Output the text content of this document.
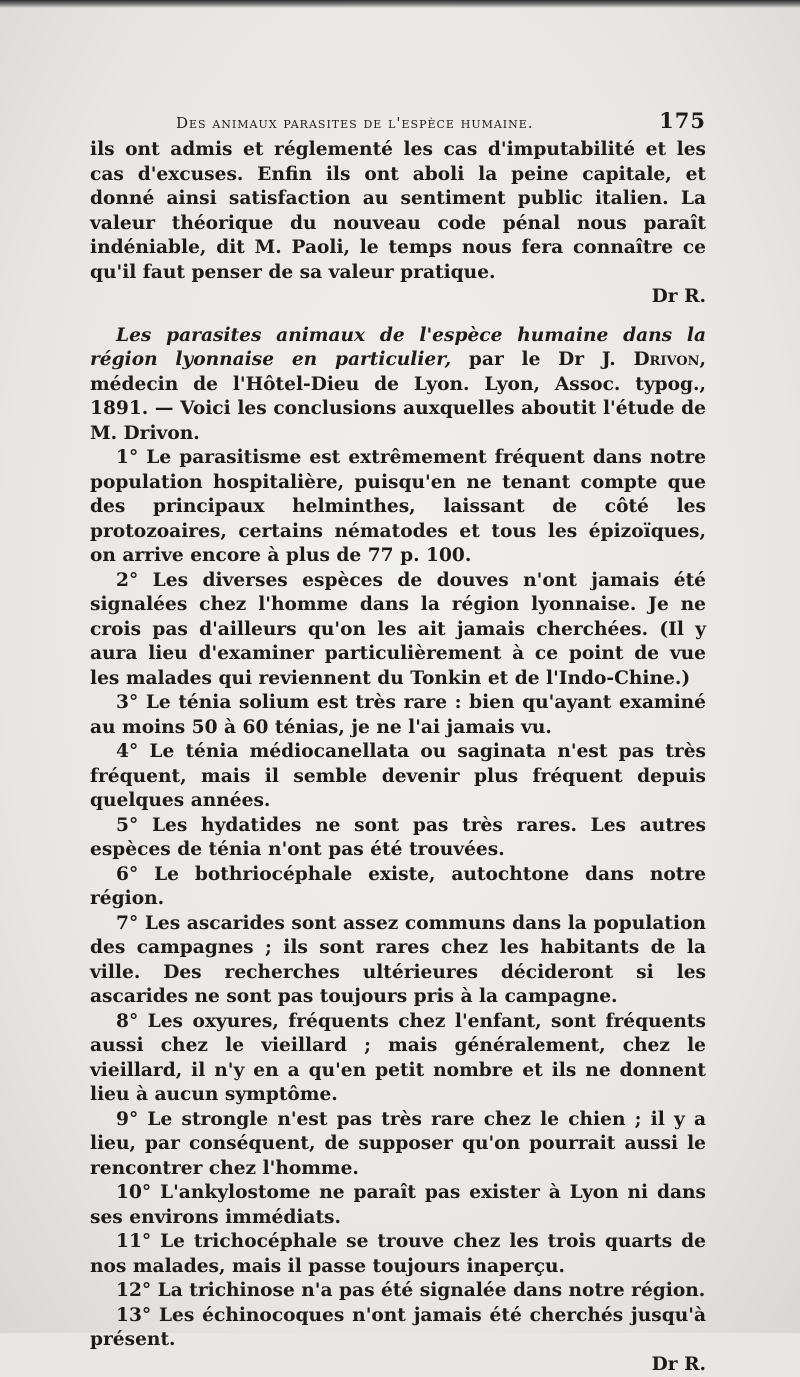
Des animaux parasites de l'espèce humaine.	175

ils ont admis et réglementé les cas d'imputabilité et les cas d'excuses. Enfin ils ont aboli la peine capitale, et donné ainsi satisfaction au sentiment public italien. La valeur théorique du nouveau code pénal nous paraît indéniable, dit M. Paoli, le temps nous fera connaître ce qu'il faut penser de sa valeur pratique.

Dr R.

Les parasites animaux de l'espèce humaine dans la région lyonnaise en particulier, par le Dr J. Drivon, médecin de l'Hôtel-Dieu de Lyon. Lyon, Assoc. typog., 1891. — Voici les conclusions auxquelles aboutit l'étude de M. Drivon.

1° Le parasitisme est extrêmement fréquent dans notre population hospitalière, puisqu'en ne tenant compte que des principaux helminthes, laissant de côté les protozoaires, certains nématodes et tous les épizoïques, on arrive encore à plus de 77 p. 100.

2° Les diverses espèces de douves n'ont jamais été signalées chez l'homme dans la région lyonnaise. Je ne crois pas d'ailleurs qu'on les ait jamais cherchées. (Il y aura lieu d'examiner particulièrement à ce point de vue les malades qui reviennent du Tonkin et de l'Indo-Chine.)

3° Le ténia solium est très rare : bien qu'ayant examiné au moins 50 à 60 ténias, je ne l'ai jamais vu.

4° Le ténia médiocanellata ou saginata n'est pas très fréquent, mais il semble devenir plus fréquent depuis quelques années.

5° Les hydatides ne sont pas très rares. Les autres espèces de ténia n'ont pas été trouvées.

6° Le bothriocéphale existe, autochtone dans notre région.

7° Les ascarides sont assez communs dans la population des campagnes ; ils sont rares chez les habitants de la ville. Des recherches ultérieures décideront si les ascarides ne sont pas toujours pris à la campagne.

8° Les oxyures, fréquents chez l'enfant, sont fréquents aussi chez le vieillard ; mais généralement, chez le vieillard, il n'y en a qu'en petit nombre et ils ne donnent lieu à aucun symptôme.

9° Le strongle n'est pas très rare chez le chien ; il y a lieu, par conséquent, de supposer qu'on pourrait aussi le rencontrer chez l'homme.

10° L'ankylostome ne paraît pas exister à Lyon ni dans ses environs immédiats.

11° Le trichocéphale se trouve chez les trois quarts de nos malades, mais il passe toujours inaperçu.

12° La trichinose n'a pas été signalée dans notre région.

13° Les échinocoques n'ont jamais été cherchés jusqu'à présent.

Dr R.
